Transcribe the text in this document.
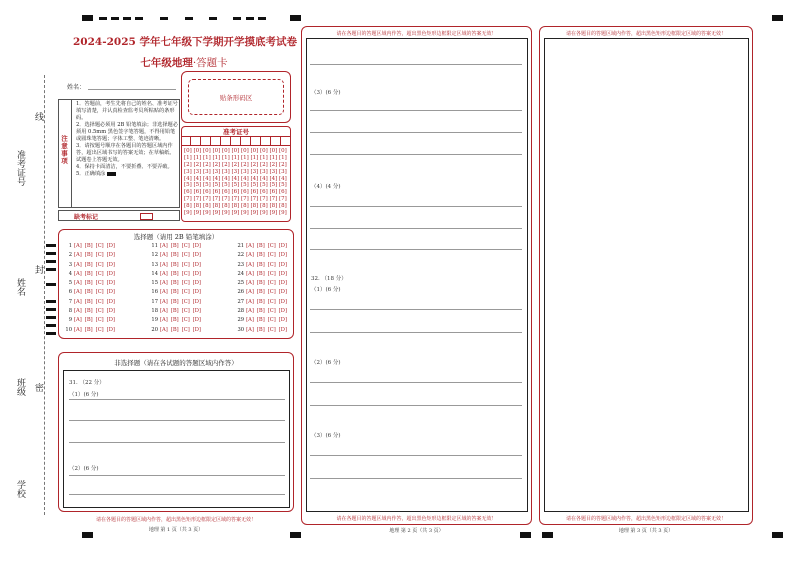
线
准考证号
封
姓名
班级 密
学校
2024-2025 学年七年级下学期开学摸底考试卷
七年级地理·答题卡
姓名：
贴条形码区
注意事项
1．答题前，考生先将自己的姓名、准考证号填写清楚，并认真检查监考员所粘贴的条形码。
2．选择题必须用 2B 铅笔填涂；非选择题必须用 0.5mm 黑色签字笔答题，不得用铅笔或圆珠笔答题；字体工整、笔迹清晰。
3．请按题号顺序在各题目的答题区域内作答，超出区域书写的答案无效；在草稿纸、试题卷上答题无效。
4．保持卡面清洁，不要折叠、不要弄破。
5．正确填涂
缺考标记
准考证号
[0] [0] [0] [0] [0] [0] [0] [0] [0] [0] [0]
[1] [1] [1] [1] [1] [1] [1] [1] [1] [1] [1]
[2] [2] [2] [2] [2] [2] [2] [2] [2] [2] [2]
[3] [3] [3] [3] [3] [3] [3] [3] [3] [3] [3]
[4] [4] [4] [4] [4] [4] [4] [4] [4] [4] [4]
[5] [5] [5] [5] [5] [5] [5] [5] [5] [5] [5]
[6] [6] [6] [6] [6] [6] [6] [6] [6] [6] [6]
[7] [7] [7] [7] [7] [7] [7] [7] [7] [7] [7]
[8] [8] [8] [8] [8] [8] [8] [8] [8] [8] [8]
[9] [9] [9] [9] [9] [9] [9] [9] [9] [9] [9]
选择题（请用 2B 铅笔填涂）
1 [A] [B] [C] [D]
2 [A] [B] [C] [D]
3 [A] [B] [C] [D]
4 [A] [B] [C] [D]
5 [A] [B] [C] [D]
6 [A] [B] [C] [D]
7 [A] [B] [C] [D]
8 [A] [B] [C] [D]
9 [A] [B] [C] [D]
10 [A] [B] [C] [D]
11 [A] [B] [C] [D]
12 [A] [B] [C] [D]
13 [A] [B] [C] [D]
14 [A] [B] [C] [D]
15 [A] [B] [C] [D]
16 [A] [B] [C] [D]
17 [A] [B] [C] [D]
18 [A] [B] [C] [D]
19 [A] [B] [C] [D]
20 [A] [B] [C] [D]
21 [A] [B] [C] [D]
22 [A] [B] [C] [D]
23 [A] [B] [C] [D]
24 [A] [B] [C] [D]
25 [A] [B] [C] [D]
26 [A] [B] [C] [D]
27 [A] [B] [C] [D]
28 [A] [B] [C] [D]
29 [A] [B] [C] [D]
30 [A] [B] [C] [D]
非选择题（请在各试题的答题区域内作答）
31. （22 分）
（1）(6 分)
（2）(6 分)
请在各题目的答题区域内作答，超出黑色矩形边框限定区域的答案无效！
地理 第 1 页（共 3 页）
请在各题目的答题区域内作答，超出黑色矩形边框限定区域的答案无效！
（3）(6 分)
（4）(4 分)
32. （18 分）
（1）(6 分)
（2）(6 分)
（3）(6 分)
请在各题目的答题区域内作答，超出黑色矩形边框限定区域的答案无效！
地理 第 2 页（共 3 页）
请在各题目的答题区域内作答，超出黑色矩形边框限定区域的答案无效！
请在各题目的答题区域内作答，超出黑色矩形边框限定区域的答案无效！
地理 第 3 页（共 3 页）
